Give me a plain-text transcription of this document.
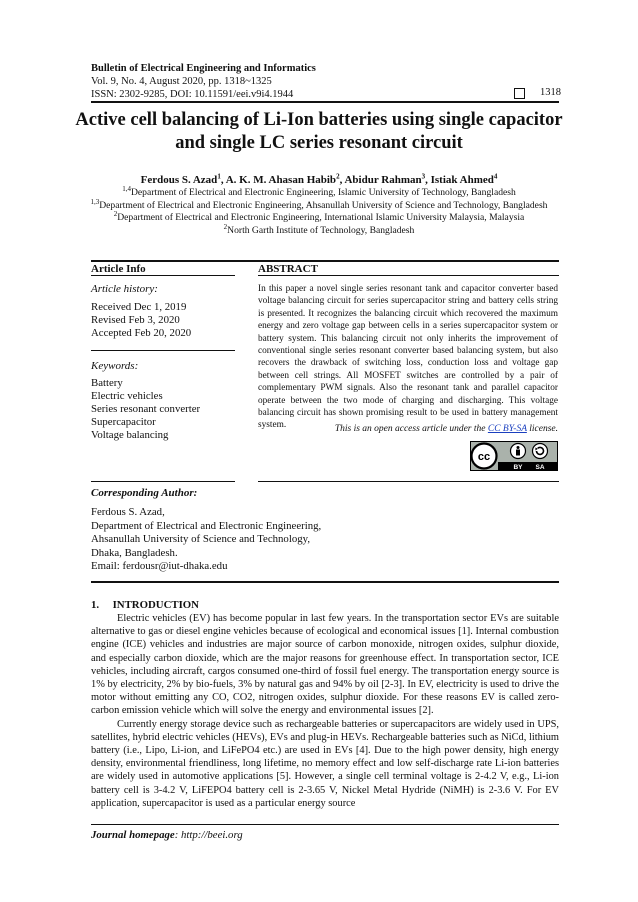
Bulletin of Electrical Engineering and Informatics
Vol. 9, No. 4, August 2020, pp. 1318~1325
ISSN: 2302-9285, DOI: 10.11591/eei.v9i4.1944	1318
Active cell balancing of Li-Ion batteries using single capacitor
and single LC series resonant circuit
Ferdous S. Azad$^1$, A. K. M. Ahasan Habib$^2$, Abidur Rahman$^3$, Istiak Ahmed$^4$
$^{1,4}$Department of Electrical and Electronic Engineering, Islamic University of Technology, Bangladesh
$^{1,3}$Department of Electrical and Electronic Engineering, Ahsanullah University of Science and Technology, Bangladesh
$^2$Department of Electrical and Electronic Engineering, International Islamic University Malaysia, Malaysia
$^2$North Garth Institute of Technology, Bangladesh
Article Info
Article history:
Received Dec 1, 2019
Revised Feb 3, 2020
Accepted Feb 20, 2020
Keywords:
Battery
Electric vehicles
Series resonant converter
Supercapacitor
Voltage balancing
ABSTRACT
In this paper a novel single series resonant tank and capacitor converter based voltage balancing circuit for series supercapacitor string and battery cells string is presented. It recognizes the balancing circuit which recovered the maximum energy and zero voltage gap between cells in a series supercapacitor system or battery system. This balancing circuit not only inherits the improvement of conventional single series resonant converter based balancing system, but also recovers the drawback of switching loss, conduction loss and voltage gap between cell strings. All MOSFET switches are controlled by a pair of complementary PWM signals. Also the resonant tank and parallel capacitor operate between the two mode of charging and discharging. This voltage balancing circuit has shown promising result to be used in battery management system.	This is an open access article under the CC BY-SA license.
cc
BY SA
Corresponding Author:
Ferdous S. Azad,
Department of Electrical and Electronic Engineering,
Ahsanullah University of Science and Technology,
Dhaka, Bangladesh.
Email: ferdousr@iut-dhaka.edu
1.     INTRODUCTION

Electric vehicles (EV) has become popular in last few years. In the transportation sector EVs are suitable alternative to gas or diesel engine vehicles because of ecological and economical issues [1]. Internal combustion engine (ICE) vehicles and industries are major source of carbon monoxide, nitrogen oxides, sulphur dioxide, and especially carbon dioxide, which are the major reasons for greenhouse effect. In transportation sector, ICE vehicles, including aircraft, cargos consumed one-third of fossil fuel energy. The transportation energy source is 1% by electricity, 2% by bio-fuels, 3% by natural gas and 94% by oil [2-3]. In EV, electricity is used to drive the motor without emitting any CO, CO2, nitrogen oxides, sulphur dioxide. For these reasons EV is called zero-carbon emission vehicle which will solve the energy and environmental issues [2].

Currently energy storage device such as rechargeable batteries or supercapacitors are widely used in UPS, satellites, hybrid electric vehicles (HEVs), EVs and plug-in HEVs. Rechargeable batteries such as NiCd, lithium battery (i.e., Lipo, Li-ion, and LiFePO4 etc.) are used in EVs [4]. Due to the high power density, high energy density, environmental friendliness, long lifetime, no memory effect and low self-discharge rate Li-ion batteries are widely used in automotive applications [5]. However, a single cell terminal voltage is 2-4.2 V, e.g., Li-ion battery cell is 3-4.2 V, LiFEPO4 battery cell is 2-3.65 V, Nickel Metal Hydride (NiMH) is 2-3.6 V. For EV application, supercapacitor is used as a particular energy source

Journal homepage: http://beei.org
